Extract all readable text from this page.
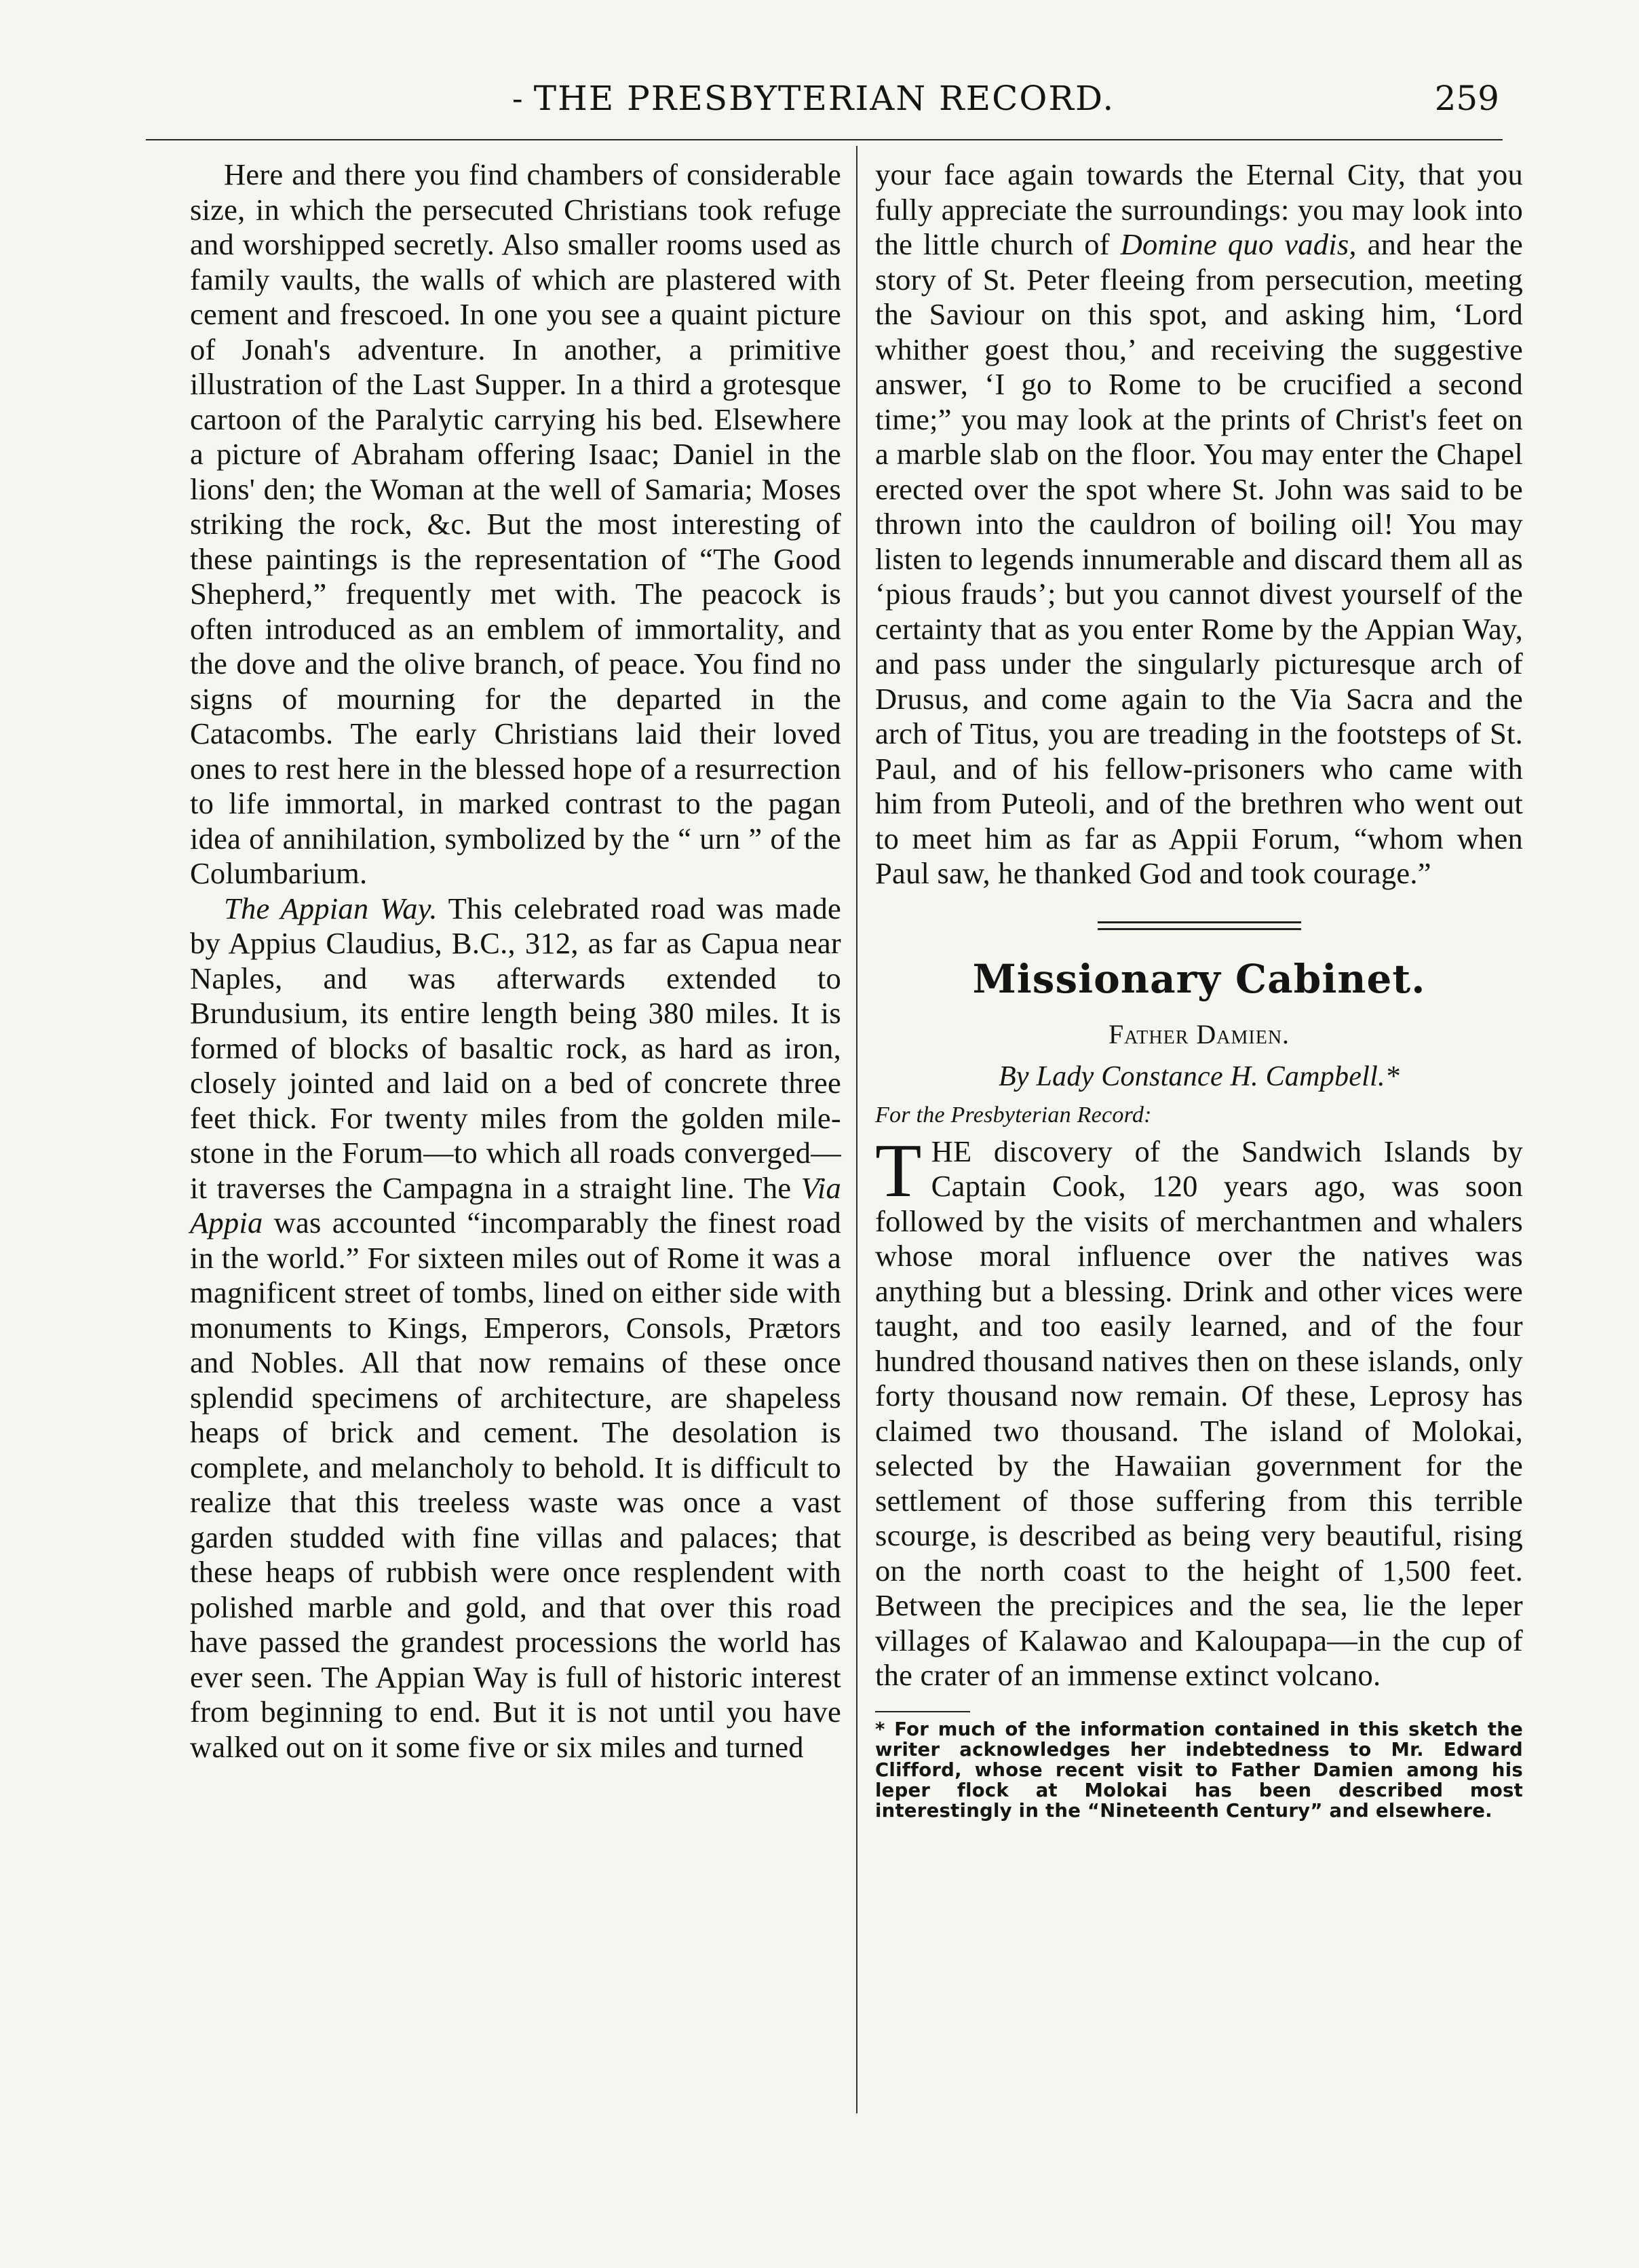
- THE PRESBYTERIAN RECORD.	259

Here and there you find chambers of considerable size, in which the persecuted Christians took refuge and worshipped secretly. Also smaller rooms used as family vaults, the walls of which are plastered with cement and frescoed. In one you see a quaint picture of Jonah's adventure. In another, a primitive illustration of the Last Supper. In a third a grotesque cartoon of the Paralytic carrying his bed. Elsewhere a picture of Abraham offering Isaac; Daniel in the lions' den; the Woman at the well of Samaria; Moses striking the rock, &c. But the most interesting of these paintings is the representation of “The Good Shepherd,” frequently met with. The peacock is often introduced as an emblem of immortality, and the dove and the olive branch, of peace. You find no signs of mourning for the departed in the Catacombs. The early Christians laid their loved ones to rest here in the blessed hope of a resurrection to life immortal, in marked contrast to the pagan idea of annihilation, symbolized by the “ urn ” of the Columbarium.

The Appian Way. This celebrated road was made by Appius Claudius, B.C., 312, as far as Capua near Naples, and was afterwards extended to Brundusium, its entire length being 380 miles. It is formed of blocks of basaltic rock, as hard as iron, closely jointed and laid on a bed of concrete three feet thick. For twenty miles from the golden mile-stone in the Forum—to which all roads converged—it traverses the Campagna in a straight line. The Via Appia was accounted “incomparably the finest road in the world.” For sixteen miles out of Rome it was a magnificent street of tombs, lined on either side with monuments to Kings, Emperors, Consols, Prætors and Nobles. All that now remains of these once splendid specimens of architecture, are shapeless heaps of brick and cement. The desolation is complete, and melancholy to behold. It is difficult to realize that this treeless waste was once a vast garden studded with fine villas and palaces; that these heaps of rubbish were once resplendent with polished marble and gold, and that over this road have passed the grandest processions the world has ever seen. The Appian Way is full of historic interest from beginning to end. But it is not until you have walked out on it some five or six miles and turned

your face again towards the Eternal City, that you fully appreciate the surroundings: you may look into the little church of Domine quo vadis, and hear the story of St. Peter fleeing from persecution, meeting the Saviour on this spot, and asking him, ‘Lord whither goest thou,’ and receiving the suggestive answer, ‘I go to Rome to be crucified a second time;” you may look at the prints of Christ's feet on a marble slab on the floor. You may enter the Chapel erected over the spot where St. John was said to be thrown into the cauldron of boiling oil! You may listen to legends innumerable and discard them all as ‘pious frauds’; but you cannot divest yourself of the certainty that as you enter Rome by the Appian Way, and pass under the singularly picturesque arch of Drusus, and come again to the Via Sacra and the arch of Titus, you are treading in the footsteps of St. Paul, and of his fellow-prisoners who came with him from Puteoli, and of the brethren who went out to meet him as far as Appii Forum, “whom when Paul saw, he thanked God and took courage.”

Missionary Cabinet.
Father Damien.
By Lady Constance H. Campbell.*
For the Presbyterian Record:

THE discovery of the Sandwich Islands by Captain Cook, 120 years ago, was soon followed by the visits of merchantmen and whalers whose moral influence over the natives was anything but a blessing. Drink and other vices were taught, and too easily learned, and of the four hundred thousand natives then on these islands, only forty thousand now remain. Of these, Leprosy has claimed two thousand. The island of Molokai, selected by the Hawaiian government for the settlement of those suffering from this terrible scourge, is described as being very beautiful, rising on the north coast to the height of 1,500 feet. Between the precipices and the sea, lie the leper villages of Kalawao and Kaloupapa—in the cup of the crater of an immense extinct volcano.

* For much of the information contained in this sketch the writer acknowledges her indebtedness to Mr. Edward Clifford, whose recent visit to Father Damien among his leper flock at Molokai has been described most interestingly in the “Nineteenth Century” and elsewhere.
